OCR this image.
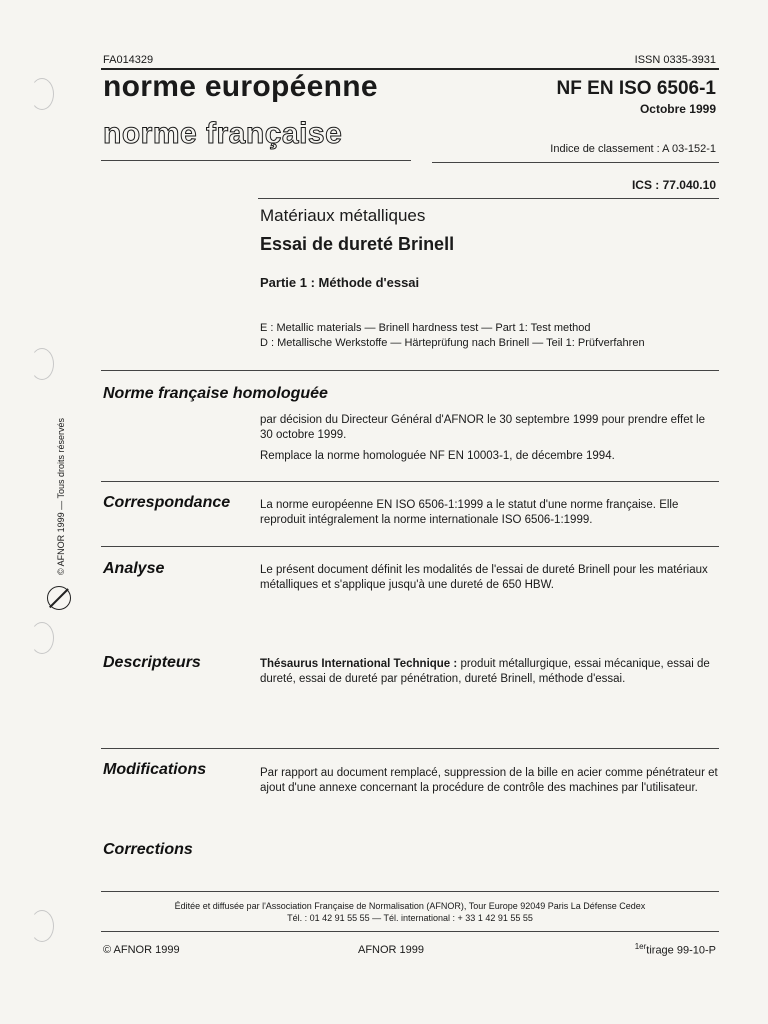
© AFNOR 1999 — Tous droits réservés
FA014329	ISSN 0335-3931
norme européenne
norme française
NF EN ISO 6506-1
Octobre 1999
Indice de classement : A 03-152-1
ICS : 77.040.10
Matériaux métalliques
Essai de dureté Brinell
Partie 1 : Méthode d'essai
E : Metallic materials — Brinell hardness test — Part 1: Test method
D : Metallische Werkstoffe — Härteprüfung nach Brinell — Teil 1: Prüfverfahren
Norme française homologuée
par décision du Directeur Général d'AFNOR le 30 septembre 1999 pour prendre effet le 30 octobre 1999.
Remplace la norme homologuée NF EN 10003-1, de décembre 1994.
Correspondance	La norme européenne EN ISO 6506-1:1999 a le statut d'une norme française. Elle reproduit intégralement la norme internationale ISO 6506-1:1999.
Analyse	Le présent document définit les modalités de l'essai de dureté Brinell pour les matériaux métalliques et s'applique jusqu'à une dureté de 650 HBW.
Descripteurs	Thésaurus International Technique : produit métallurgique, essai mécanique, essai de dureté, essai de dureté par pénétration, dureté Brinell, méthode d'essai.
Modifications	Par rapport au document remplacé, suppression de la bille en acier comme pénétrateur et ajout d'une annexe concernant la procédure de contrôle des machines par l'utilisateur.
Corrections
Éditée et diffusée par l'Association Française de Normalisation (AFNOR), Tour Europe 92049 Paris La Défense Cedex
Tél. : 01 42 91 55 55 — Tél. international : + 33 1 42 91 55 55
© AFNOR 1999	AFNOR 1999	$^{1er}$tirage 99-10-P
